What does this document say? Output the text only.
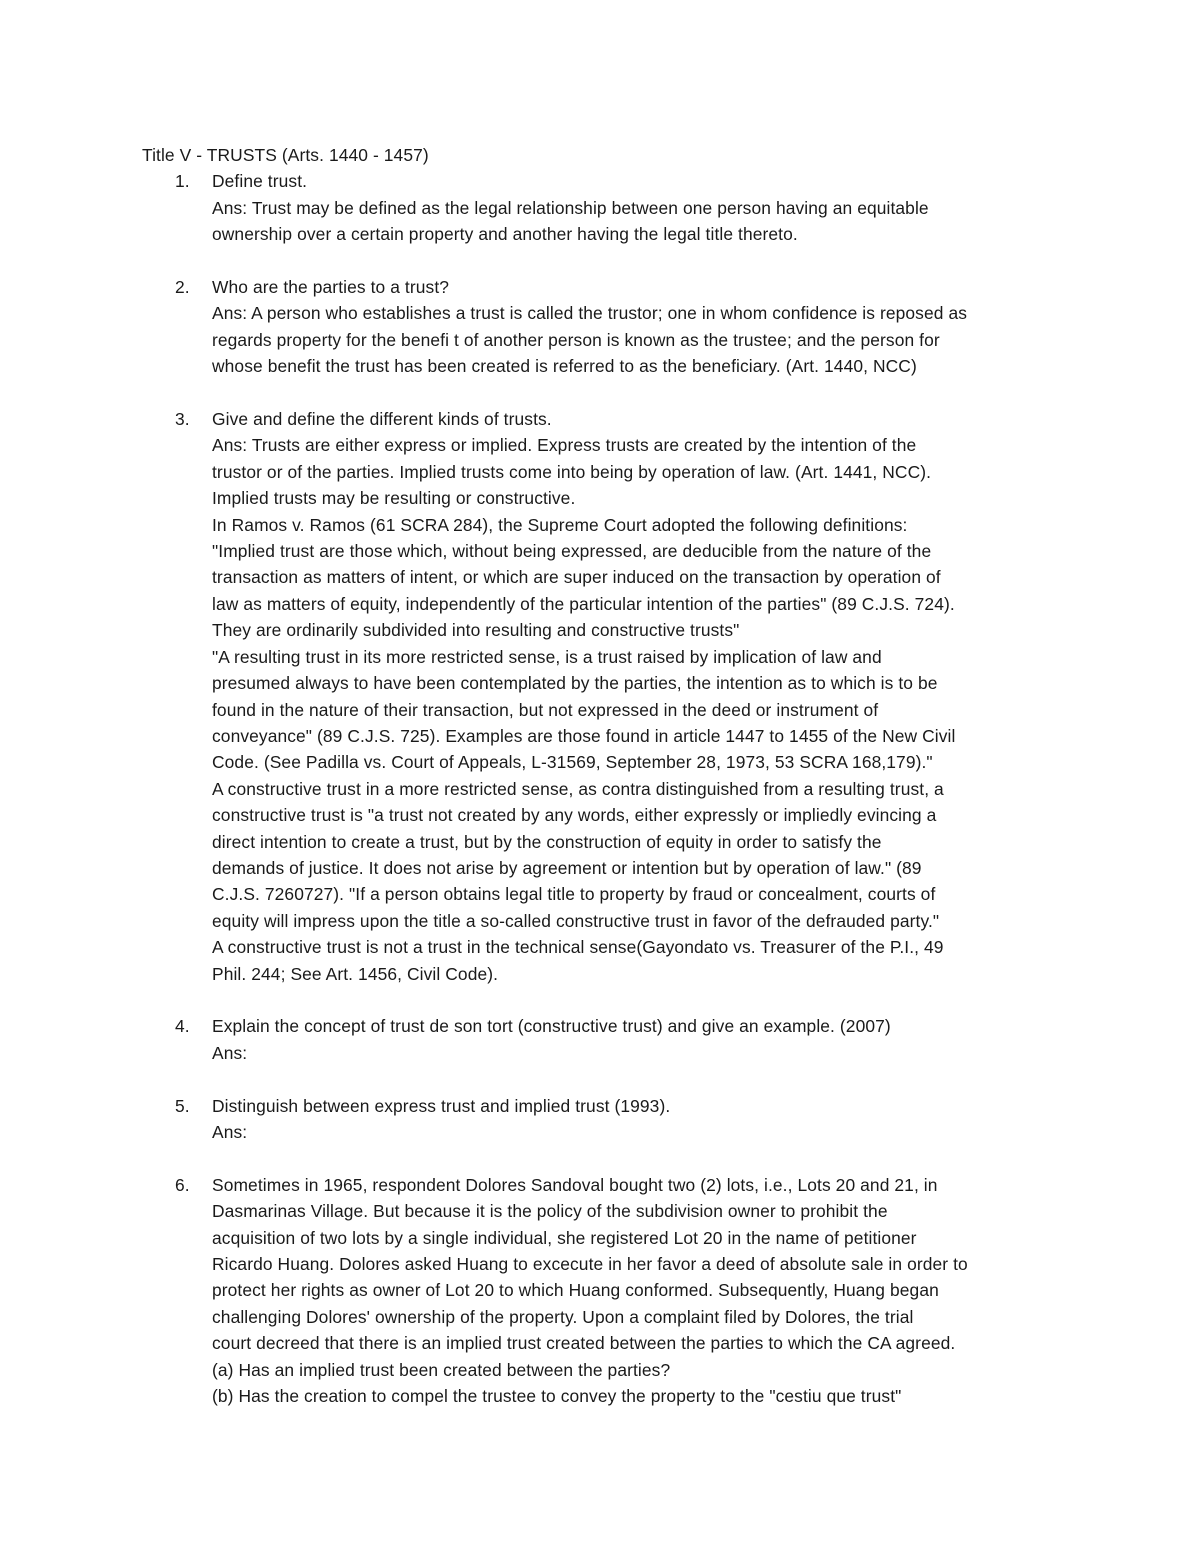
Title V - TRUSTS (Arts. 1440 - 1457)
1. Define trust.
Ans: Trust may be defined as the legal relationship between one person having an equitable
ownership over a certain property and another having the legal title thereto.
2. Who are the parties to a trust?
Ans: A person who establishes a trust is called the trustor; one in whom confidence is reposed as
regards property for the benefi t of another person is known as the trustee; and the person for
whose benefit the trust has been created is referred to as the beneficiary. (Art. 1440, NCC)
3. Give and define the different kinds of trusts.
Ans: Trusts are either express or implied. Express trusts are created by the intention of the
trustor or of the parties. Implied trusts come into being by operation of law. (Art. 1441, NCC).
Implied trusts may be resulting or constructive.
In Ramos v. Ramos (61 SCRA 284), the Supreme Court adopted the following definitions:
"Implied trust are those which, without being expressed, are deducible from the nature of the
transaction as matters of intent, or which are super induced on the transaction by operation of
law as matters of equity, independently of the particular intention of the parties" (89 C.J.S. 724).
They are ordinarily subdivided into resulting and constructive trusts"
"A resulting trust in its more restricted sense, is a trust raised by implication of law and
presumed always to have been contemplated by the parties, the intention as to which is to be
found in the nature of their transaction, but not expressed in the deed or instrument of
conveyance" (89 C.J.S. 725). Examples are those found in article 1447 to 1455 of the New Civil
Code. (See Padilla vs. Court of Appeals, L-31569, September 28, 1973, 53 SCRA 168,179)."
A constructive trust in a more restricted sense, as contra distinguished from a resulting trust, a
constructive trust is "a trust not created by any words, either expressly or impliedly evincing a
direct intention to create a trust, but by the construction of equity in order to satisfy the
demands of justice. It does not arise by agreement or intention but by operation of law." (89
C.J.S. 7260727). "If a person obtains legal title to property by fraud or concealment, courts of
equity will impress upon the title a so-called constructive trust in favor of the defrauded party."
A constructive trust is not a trust in the technical sense(Gayondato vs. Treasurer of the P.I., 49
Phil. 244; See Art. 1456, Civil Code).
4. Explain the concept of trust de son tort (constructive trust) and give an example. (2007)
Ans:
5. Distinguish between express trust and implied trust (1993).
Ans:
6. Sometimes in 1965, respondent Dolores Sandoval bought two (2) lots, i.e., Lots 20 and 21, in
Dasmarinas Village. But because it is the policy of the subdivision owner to prohibit the
acquisition of two lots by a single individual, she registered Lot 20 in the name of petitioner
Ricardo Huang. Dolores asked Huang to excecute in her favor a deed of absolute sale in order to
protect her rights as owner of Lot 20 to which Huang conformed. Subsequently, Huang began
challenging Dolores' ownership of the property. Upon a complaint filed by Dolores, the trial
court decreed that there is an implied trust created between the parties to which the CA agreed.
(a) Has an implied trust been created between the parties?
(b) Has the creation to compel the trustee to convey the property to the "cestiu que trust"
